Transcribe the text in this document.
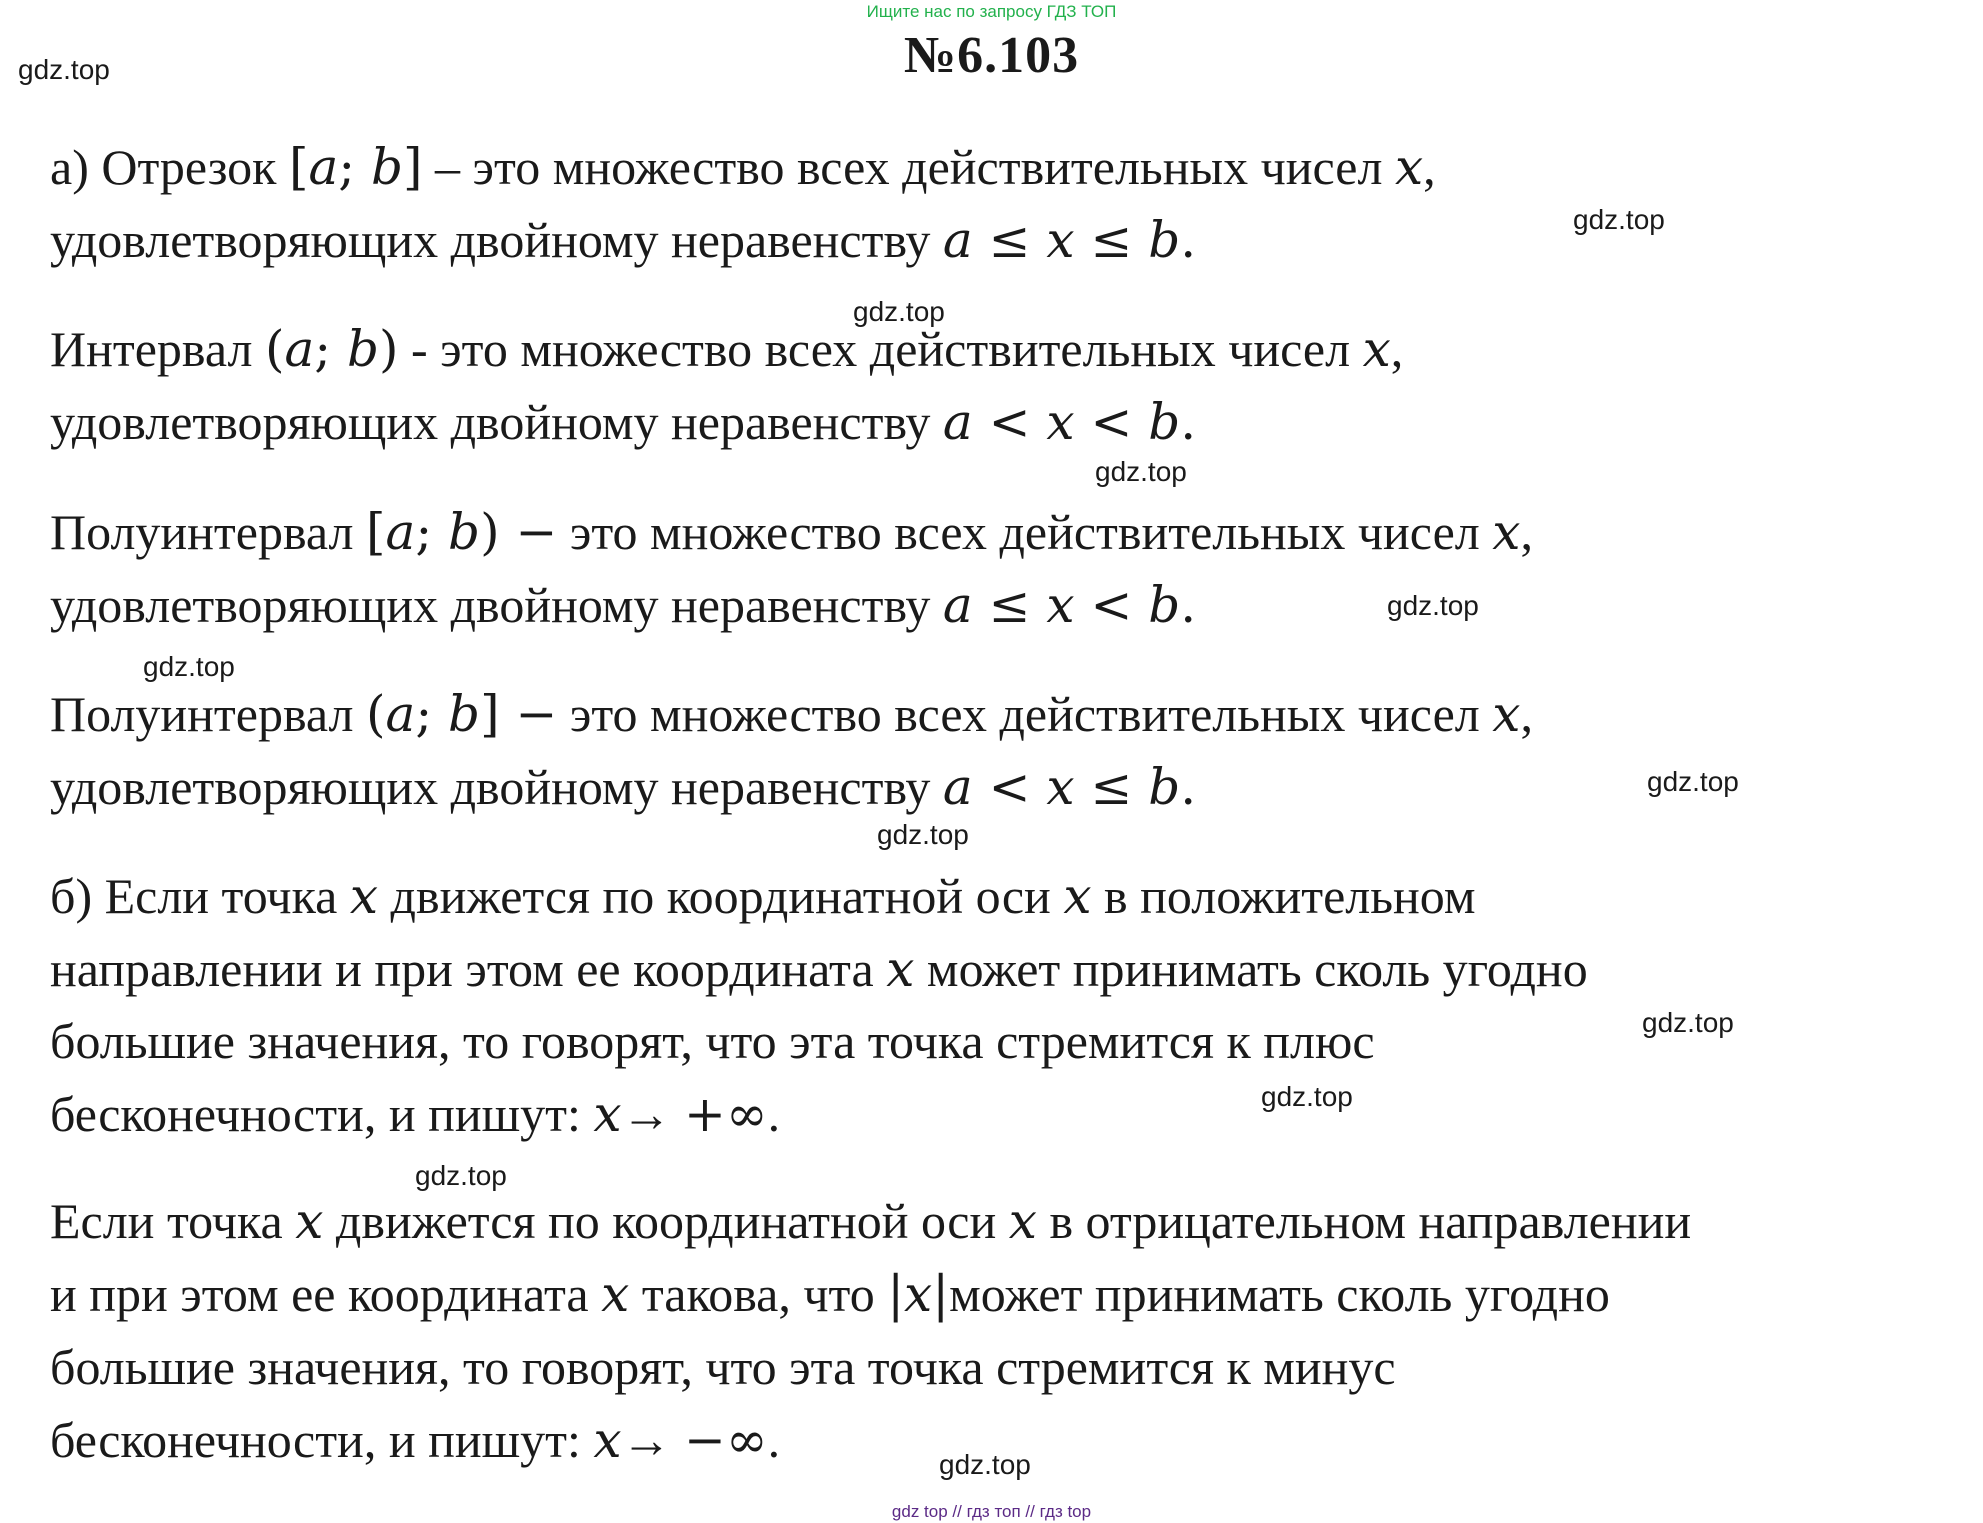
Ищите нас по запросу ГДЗ ТОП
№6.103
gdz.top
gdz.top
gdz.top
gdz.top
gdz.top
gdz.top
gdz.top
gdz.top
gdz.top
gdz.top
gdz.top
gdz.top
а) Отрезок [𝑎; 𝑏] – это множество всех действительных чисел 𝑥,
удовлетворяющих двойному неравенству 𝑎 ≤ 𝑥 ≤ 𝑏.
Интервал (𝑎; 𝑏) - это множество всех действительных чисел 𝑥,
удовлетворяющих двойному неравенству 𝑎 < 𝑥 < 𝑏.
Полуинтервал [𝑎; 𝑏) − это множество всех действительных чисел 𝑥,
удовлетворяющих двойному неравенству 𝑎 ≤ 𝑥 < 𝑏.
Полуинтервал (𝑎; 𝑏] − это множество всех действительных чисел 𝑥,
удовлетворяющих двойному неравенству 𝑎 < 𝑥 ≤ 𝑏.
б) Если точка x движется по координатной оси x в положительном
направлении и при этом ее координата x может принимать сколь угодно
большие значения, то говорят, что эта точка стремится к плюс
бесконечности, и пишут: x→ +∞.
Если точка x движется по координатной оси x в отрицательном направлении
и при этом ее координата x такова, что |𝑥|может принимать сколь угодно
большие значения, то говорят, что эта точка стремится к минус
бесконечности, и пишут: x→ −∞.
gdz top // гдз топ // гдз top
